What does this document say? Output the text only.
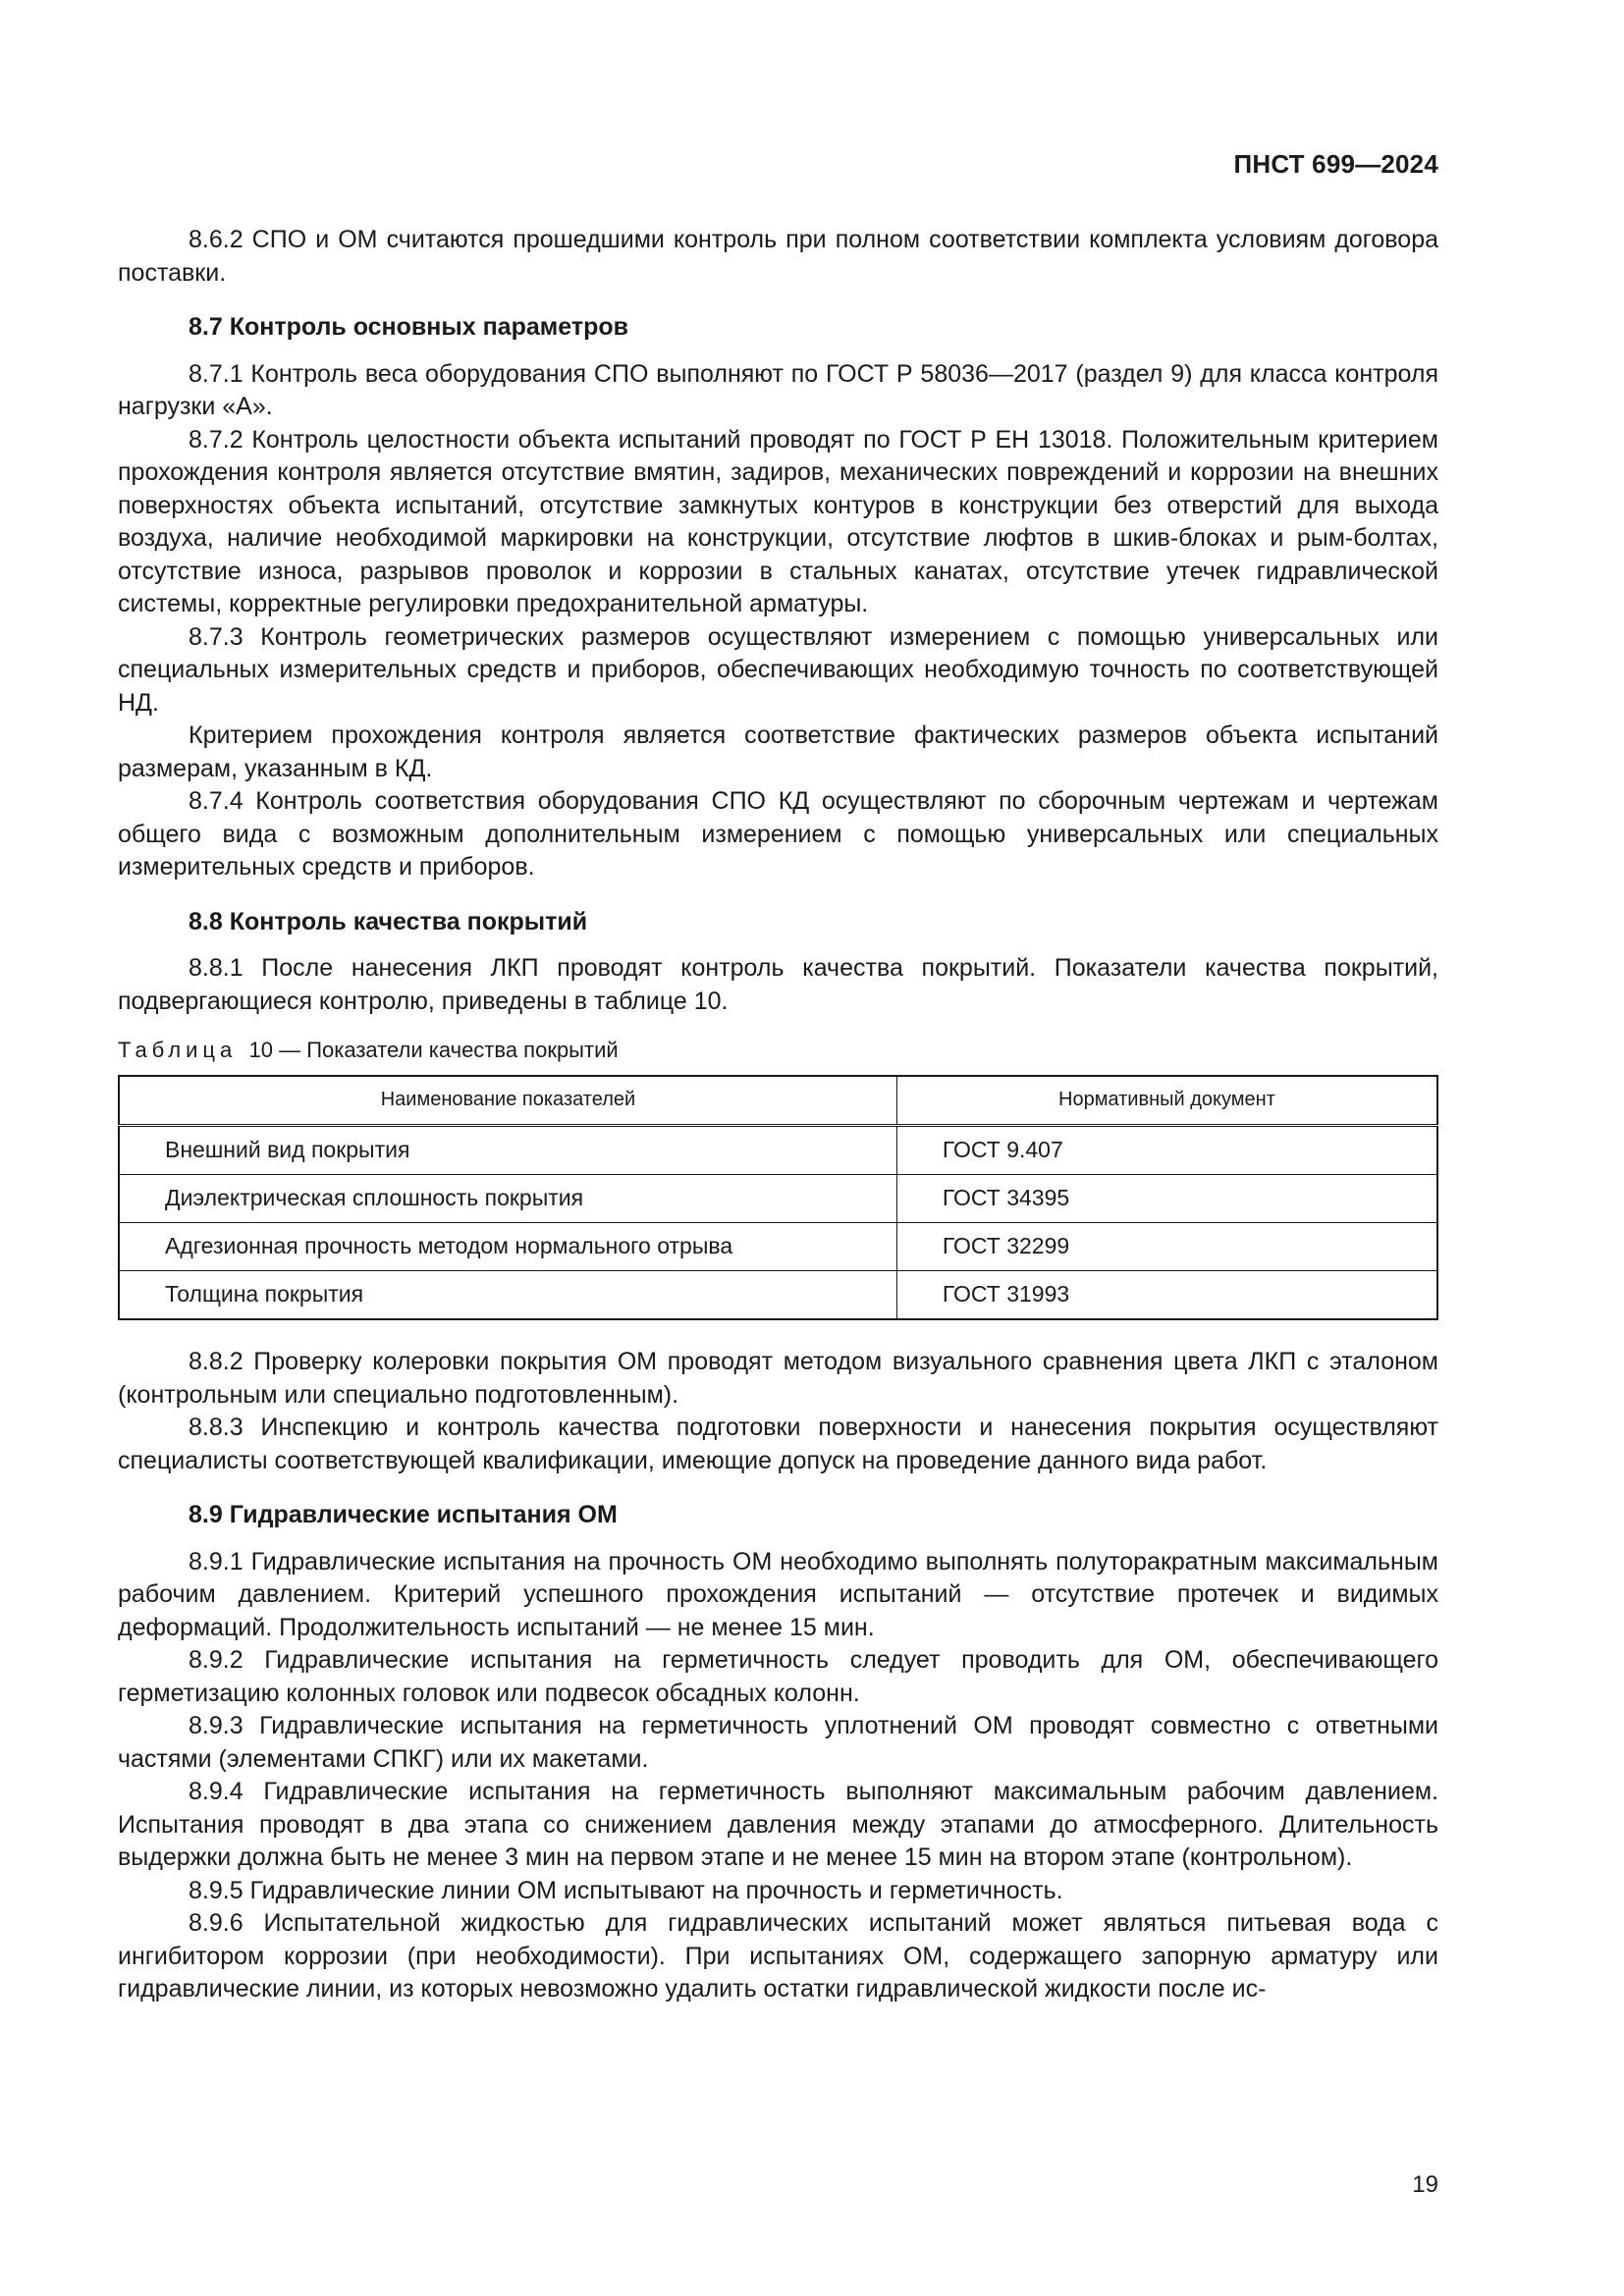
ПНСТ 699—2024

8.6.2 СПО и ОМ считаются прошедшими контроль при полном соответствии комплекта условиям договора поставки.

8.7 Контроль основных параметров

8.7.1 Контроль веса оборудования СПО выполняют по ГОСТ Р 58036—2017 (раздел 9) для класса контроля нагрузки «А».

8.7.2 Контроль целостности объекта испытаний проводят по ГОСТ Р ЕН 13018. Положительным критерием прохождения контроля является отсутствие вмятин, задиров, механических повреждений и коррозии на внешних поверхностях объекта испытаний, отсутствие замкнутых контуров в конструкции без отверстий для выхода воздуха, наличие необходимой маркировки на конструкции, отсутствие люфтов в шкив-блоках и рым-болтах, отсутствие износа, разрывов проволок и коррозии в стальных канатах, отсутствие утечек гидравлической системы, корректные регулировки предохранительной арматуры.

8.7.3 Контроль геометрических размеров осуществляют измерением с помощью универсальных или специальных измерительных средств и приборов, обеспечивающих необходимую точность по соответствующей НД.

Критерием прохождения контроля является соответствие фактических размеров объекта испытаний размерам, указанным в КД.

8.7.4 Контроль соответствия оборудования СПО КД осуществляют по сборочным чертежам и чертежам общего вида с возможным дополнительным измерением с помощью универсальных или специальных измерительных средств и приборов.

8.8 Контроль качества покрытий

8.8.1 После нанесения ЛКП проводят контроль качества покрытий. Показатели качества покрытий, подвергающиеся контролю, приведены в таблице 10.

Таблица 10 — Показатели качества покрытий
Наименование показателей	Нормативный документ
Внешний вид покрытия	ГОСТ 9.407
Диэлектрическая сплошность покрытия	ГОСТ 34395
Адгезионная прочность методом нормального отрыва	ГОСТ 32299
Толщина покрытия	ГОСТ 31993

8.8.2 Проверку колеровки покрытия ОМ проводят методом визуального сравнения цвета ЛКП с эталоном (контрольным или специально подготовленным).

8.8.3 Инспекцию и контроль качества подготовки поверхности и нанесения покрытия осуществляют специалисты соответствующей квалификации, имеющие допуск на проведение данного вида работ.

8.9 Гидравлические испытания ОМ

8.9.1 Гидравлические испытания на прочность ОМ необходимо выполнять полуторакратным максимальным рабочим давлением. Критерий успешного прохождения испытаний — отсутствие протечек и видимых деформаций. Продолжительность испытаний — не менее 15 мин.

8.9.2 Гидравлические испытания на герметичность следует проводить для ОМ, обеспечивающего герметизацию колонных головок или подвесок обсадных колонн.

8.9.3 Гидравлические испытания на герметичность уплотнений ОМ проводят совместно с ответными частями (элементами СПКГ) или их макетами.

8.9.4 Гидравлические испытания на герметичность выполняют максимальным рабочим давлением. Испытания проводят в два этапа со снижением давления между этапами до атмосферного. Длительность выдержки должна быть не менее 3 мин на первом этапе и не менее 15 мин на втором этапе (контрольном).

8.9.5 Гидравлические линии ОМ испытывают на прочность и герметичность.

8.9.6 Испытательной жидкостью для гидравлических испытаний может являться питьевая вода с ингибитором коррозии (при необходимости). При испытаниях ОМ, содержащего запорную арматуру или гидравлические линии, из которых невозможно удалить остатки гидравлической жидкости после ис-

19
